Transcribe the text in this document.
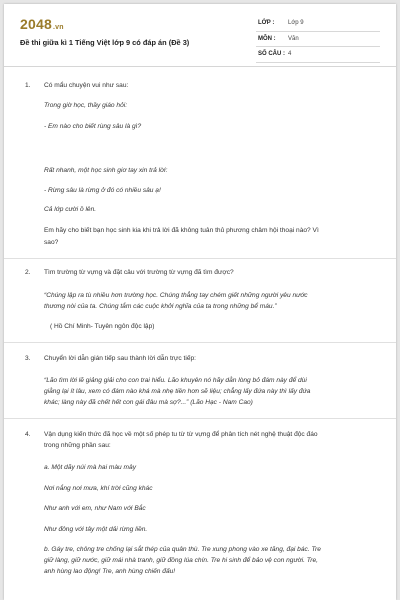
2048.vn
Đề thi giữa kì 1 Tiếng Việt lớp 9 có đáp án (Đề 3)
LỚP : Lớp 9
MÔN : Văn
SỐ CÂU : 4
1. Có mẩu chuyện vui như sau:
Trong giờ học, thầy giáo hỏi:
- Em nào cho biết rùng sâu là gì?
Rất nhanh, một học sinh giơ tay xin trả lời:
- Rừng sâu là rừng ở đó có nhiều sâu ạ!
Cả lớp cười ồ lên.
Em hãy cho biết bạn học sinh kia khi trả lời đã không tuân thủ phương châm hội thoại nào? Vì
sao?
2. Tìm trường từ vựng và đặt câu với trường từ vựng đã tìm được?
“Chúng lập ra tù nhiều hơn trường học. Chúng thẳng tay chém giết những người yêu nước
thương nòi của ta. Chúng tắm các cuộc khởi nghĩa của ta trong những bể máu.”
( Hồ Chí Minh- Tuyên ngôn độc lập)
3. Chuyển lời dẫn gián tiếp sau thành lời dẫn trực tiếp:
“Lão tìm lời lẽ giảng giải cho con trai hiểu. Lão khuyên nó hãy dằn lòng bỏ đám này để dùi
giằng lại ít lâu, xem có đám nào khá mà nhẹ tiền hơn sẽ liệu; chẳng lấy đứa này thì lấy đứa
khác; làng này đã chết hết con gái đâu mà sợ?...” (Lão Hạc - Nam Cao)
4. Vận dụng kiến thức đã học về một số phép tu từ từ vựng để phân tích nét nghệ thuật độc đáo
trong những phần sau:
a. Một dãy núi mà hai màu mây
Nơi nắng nơi mưa, khí trời cũng khác
Như anh với em, như Nam với Bắc
Như đông với tây một dải rừng liền.
b. Gáy tre, chông tre chống lại sắt thép của quân thù. Tre xung phong vào xe tăng, đại bác. Tre
giữ làng, giữ nước, giữ mái nhà tranh, giữ đồng lúa chín. Tre hi sinh để bảo vệ con người. Tre,
anh hùng lao động! Tre, anh hùng chiến đấu!
